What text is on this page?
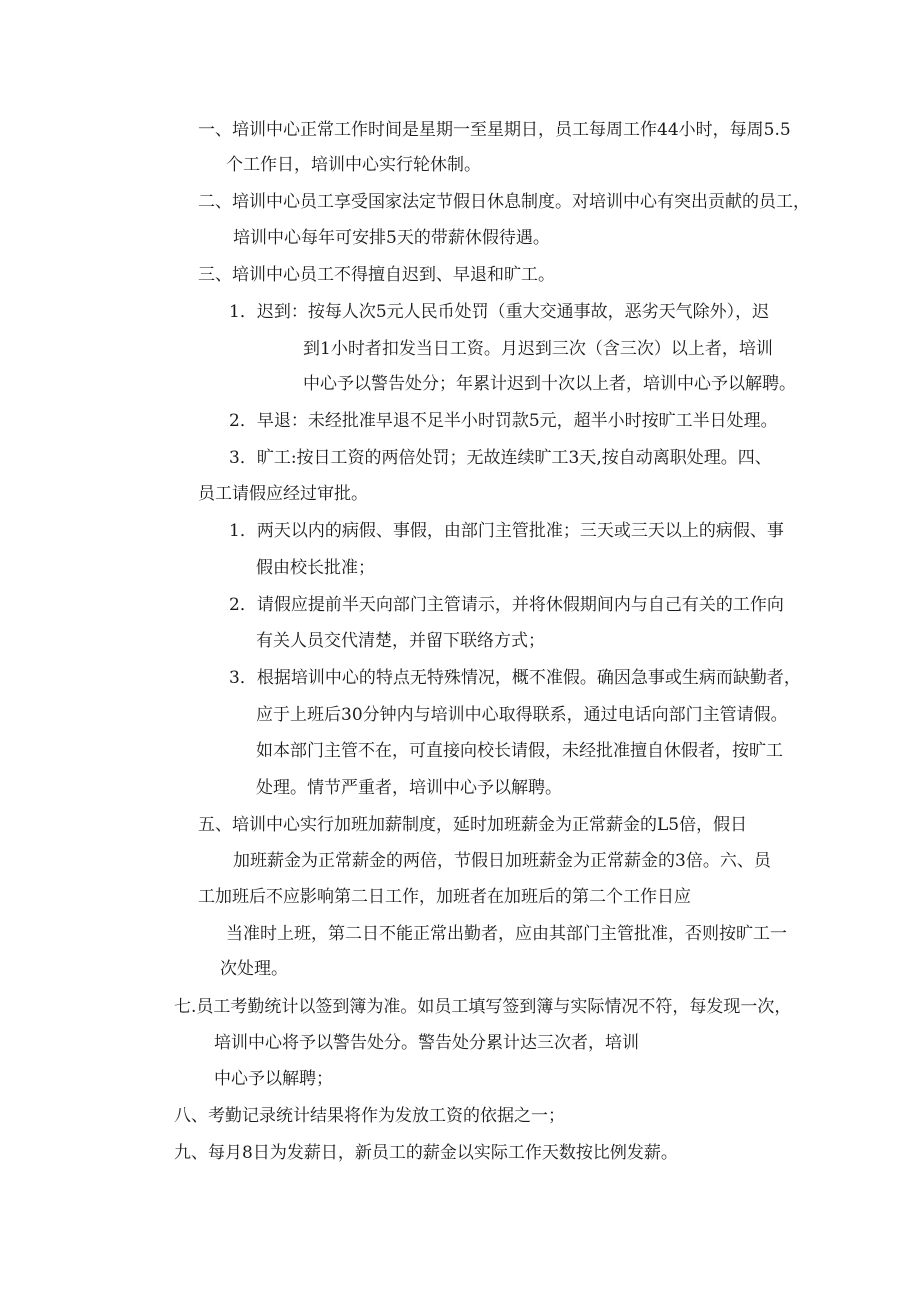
一、培训中心正常工作时间是星期一至星期日，员工每周工作44小时，每周5.5
个工作日，培训中心实行轮休制。
二、培训中心员工享受国家法定节假日休息制度。对培训中心有突出贡献的员工，
培训中心每年可安排5天的带薪休假待遇。
三、培训中心员工不得擅自迟到、早退和旷工。
1．迟到：按每人次5元人民币处罚（重大交通事故，恶劣天气除外），迟
到1小时者扣发当日工资。月迟到三次（含三次）以上者，培训
中心予以警告处分；年累计迟到十次以上者，培训中心予以解聘。
2．早退：未经批准早退不足半小时罚款5元，超半小时按旷工半日处理。
3．旷工:按日工资的两倍处罚；无故连续旷工3天,按自动离职处理。四、
员工请假应经过审批。
1．两天以内的病假、事假，由部门主管批准；三天或三天以上的病假、事
假由校长批准；
2．请假应提前半天向部门主管请示，并将休假期间内与自己有关的工作向
有关人员交代清楚，并留下联络方式；
3．根据培训中心的特点无特殊情况，概不准假。确因急事或生病而缺勤者，
应于上班后30分钟内与培训中心取得联系，通过电话向部门主管请假。
如本部门主管不在，可直接向校长请假，未经批准擅自休假者，按旷工
处理。情节严重者，培训中心予以解聘。
五、培训中心实行加班加薪制度，延时加班薪金为正常薪金的L5倍，假日
加班薪金为正常薪金的两倍，节假日加班薪金为正常薪金的3倍。六、员
工加班后不应影响第二日工作，加班者在加班后的第二个工作日应
当准时上班，第二日不能正常出勤者，应由其部门主管批准，否则按旷工一
次处理。
七.员工考勤统计以签到簿为准。如员工填写签到簿与实际情况不符，每发现一次，
培训中心将予以警告处分。警告处分累计达三次者，培训
中心予以解聘；
八、考勤记录统计结果将作为发放工资的依据之一；
九、每月8日为发薪日，新员工的薪金以实际工作天数按比例发薪。
